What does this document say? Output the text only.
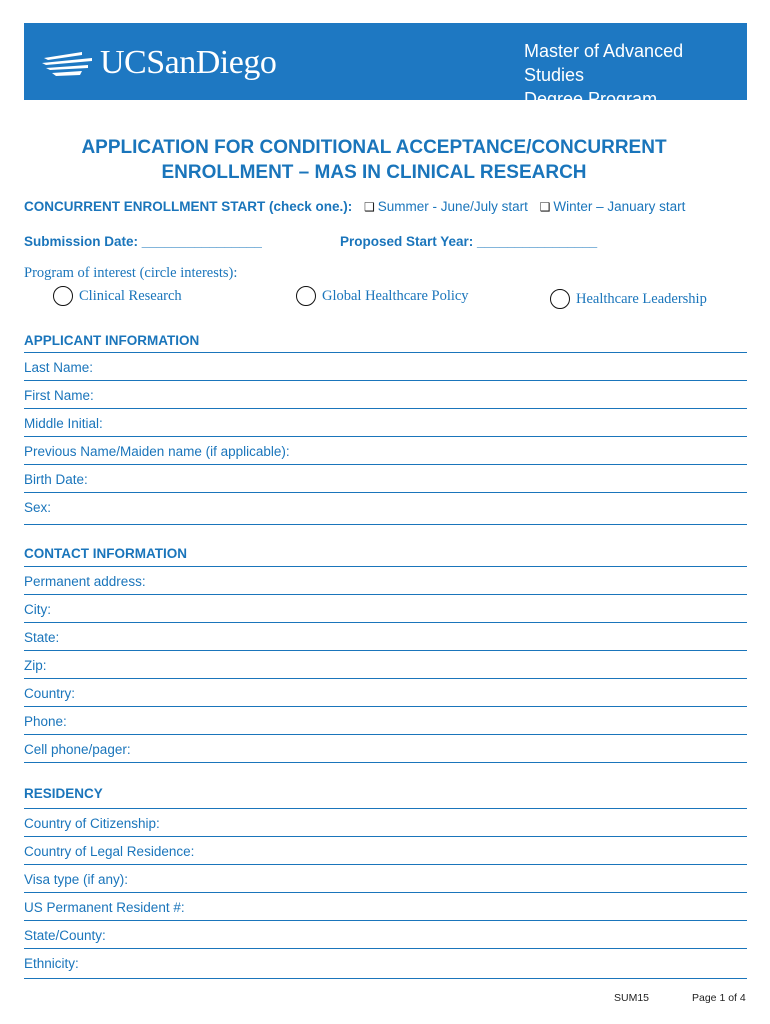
UCSanDiego	Master of Advanced Studies
Degree Program
APPLICATION FOR CONDITIONAL ACCEPTANCE/CONCURRENT
ENROLLMENT – MAS IN CLINICAL RESEARCH
CONCURRENT ENROLLMENT START (check one.): ❑ Summer - June/July start ❑ Winter – January start
Submission Date: ________________	Proposed Start Year: ________________
Program of interest (circle interests):
Clinical Research	Global Healthcare Policy	Healthcare Leadership
APPLICANT INFORMATION
Last Name:
First Name:
Middle Initial:
Previous Name/Maiden name (if applicable):
Birth Date:
Sex:
CONTACT INFORMATION
Permanent address:
City:
State:
Zip:
Country:
Phone:
Cell phone/pager:
RESIDENCY
Country of Citizenship:
Country of Legal Residence:
Visa type (if any):
US Permanent Resident #:
State/County:
Ethnicity:
SUM15	Page 1 of 4
